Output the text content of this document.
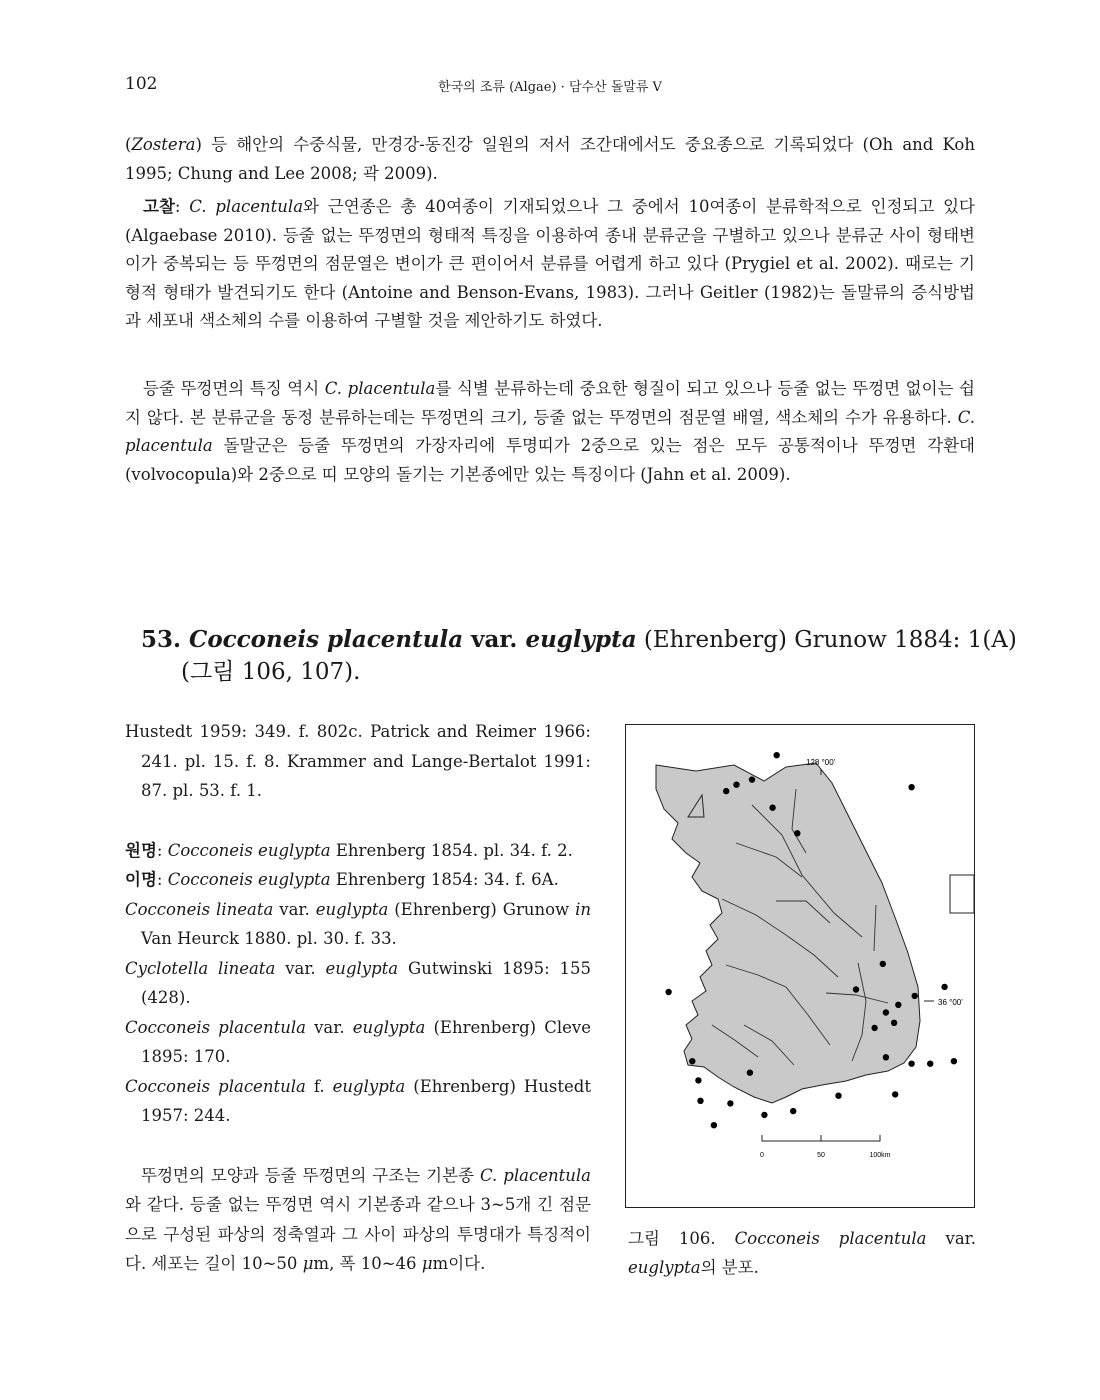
102	한국의 조류 (Algae) · 담수산 돌말류 V

(Zostera) 등 해안의 수중식물, 만경강-동진강 일원의 저서 조간대에서도 중요종으로 기록되었다 (Oh and Koh 1995; Chung and Lee 2008; 곽 2009).

고찰: C. placentula와 근연종은 총 40여종이 기재되었으나 그 중에서 10여종이 분류학적으로 인정되고 있다 (Algaebase 2010). 등줄 없는 뚜껑면의 형태적 특징을 이용하여 종내 분류군을 구별하고 있으나 분류군 사이 형태변이가 중복되는 등 뚜껑면의 점문열은 변이가 큰 편이어서 분류를 어렵게 하고 있다 (Prygiel et al. 2002). 때로는 기형적 형태가 발견되기도 한다 (Antoine and Benson-Evans, 1983). 그러나 Geitler (1982)는 돌말류의 증식방법과 세포내 색소체의 수를 이용하여 구별할 것을 제안하기도 하였다.

등줄 뚜껑면의 특징 역시 C. placentula를 식별 분류하는데 중요한 형질이 되고 있으나 등줄 없는 뚜껑면 없이는 쉽지 않다. 본 분류군을 동정 분류하는데는 뚜껑면의 크기, 등줄 없는 뚜껑면의 점문열 배열, 색소체의 수가 유용하다. C. placentula 돌말군은 등줄 뚜껑면의 가장자리에 투명띠가 2중으로 있는 점은 모두 공통적이나 뚜껑면 각환대 (volvocopula)와 2중으로 띠 모양의 돌기는 기본종에만 있는 특징이다 (Jahn et al. 2009).

53. Cocconeis placentula var. euglypta (Ehrenberg) Grunow 1884: 1(A)
(그림 106, 107).

Hustedt 1959: 349. f. 802c. Patrick and Reimer 1966: 241. pl. 15. f. 8. Krammer and Lange-Bertalot 1991: 87. pl. 53. f. 1.

원명: Cocconeis euglypta Ehrenberg 1854. pl. 34. f. 2.

이명: Cocconeis euglypta Ehrenberg 1854: 34. f. 6A.

Cocconeis lineata var. euglypta (Ehrenberg) Grunow in Van Heurck 1880. pl. 30. f. 33.

Cyclotella lineata var. euglypta Gutwinski 1895: 155 (428).

Cocconeis placentula var. euglypta (Ehrenberg) Cleve 1895: 170.

Cocconeis placentula f. euglypta (Ehrenberg) Hustedt 1957: 244.

뚜껑면의 모양과 등줄 뚜껑면의 구조는 기본종 C. placentula와 같다. 등줄 없는 뚜껑면 역시 기본종과 같으나 3~5개 긴 점문으로 구성된 파상의 정축열과 그 사이 파상의 투명대가 특징적이다. 세포는 길이 10~50 μm, 폭 10~46 μm이다.

0	50	100km
128 °00'
36 °00'
그림 106. Cocconeis placentula var. euglypta의 분포.
